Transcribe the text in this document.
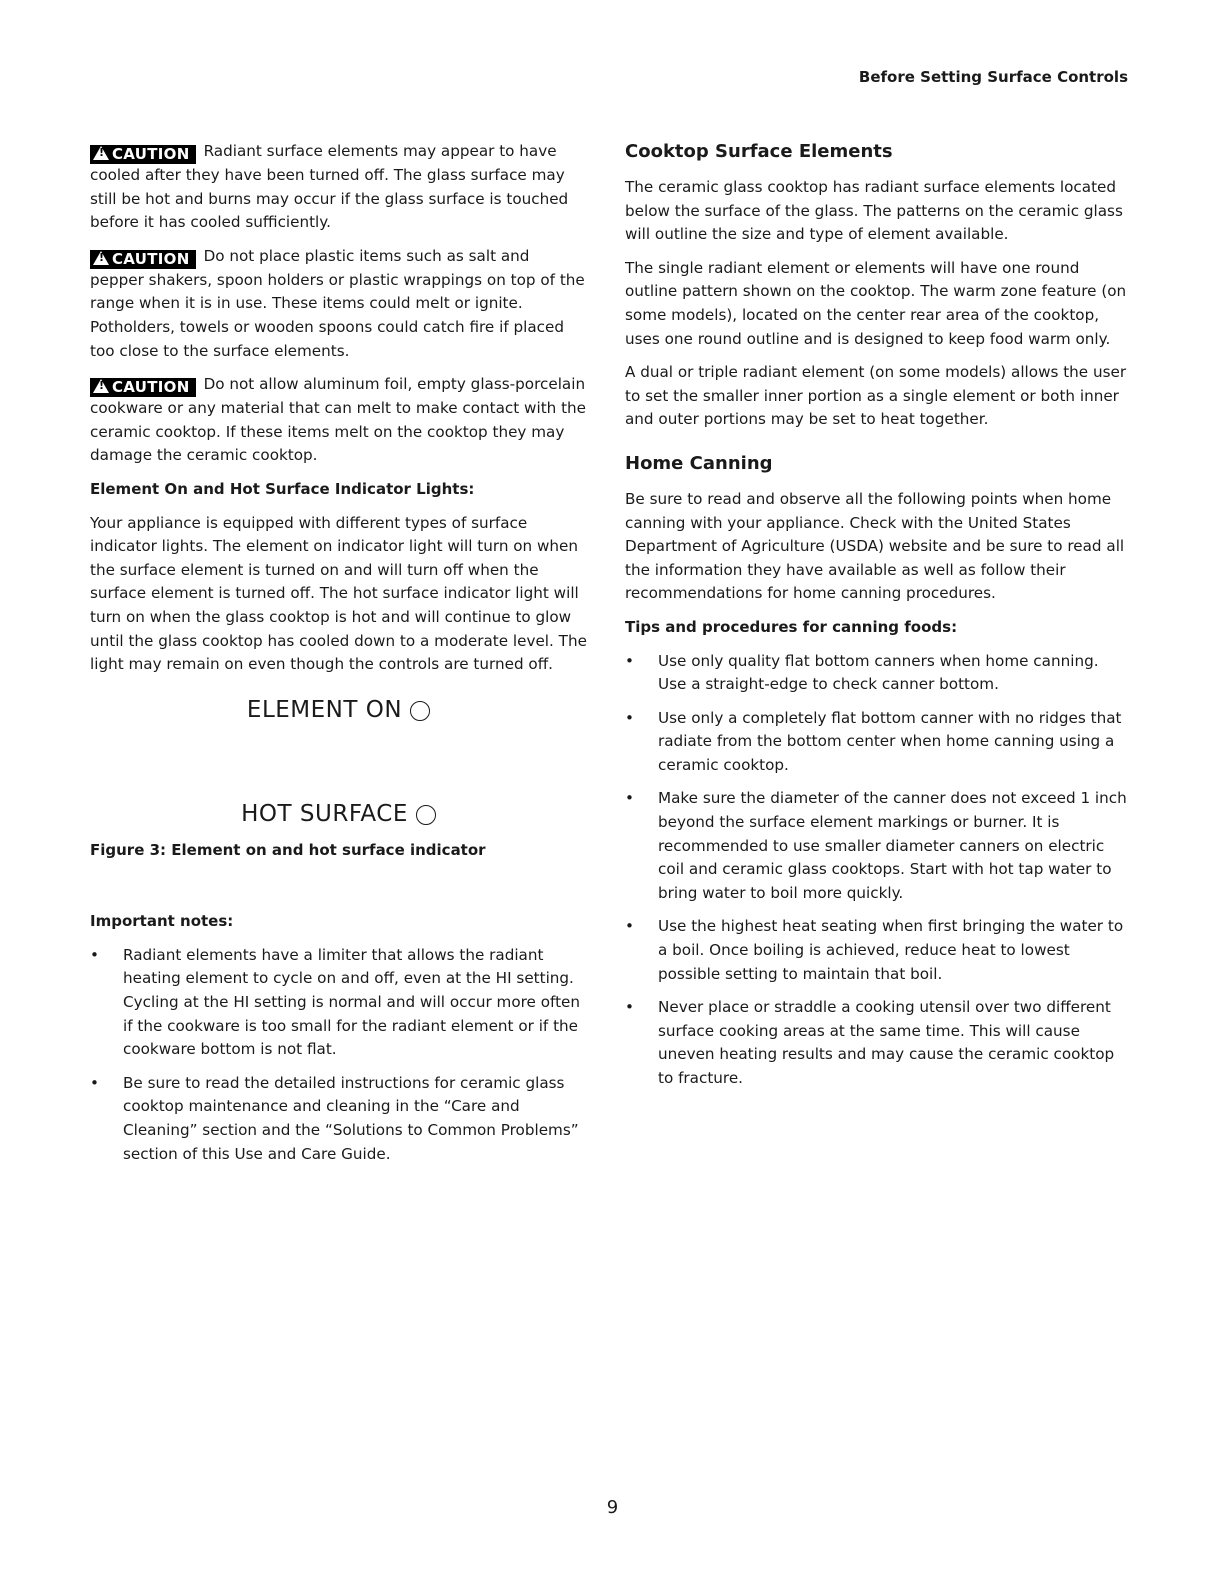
Before Setting Surface Controls

!CAUTION Radiant surface elements may appear to have cooled after they have been turned off. The glass surface may still be hot and burns may occur if the glass surface is touched before it has cooled sufficiently.

!CAUTION Do not place plastic items such as salt and pepper shakers, spoon holders or plastic wrappings on top of the range when it is in use. These items could melt or ignite. Potholders, towels or wooden spoons could catch fire if placed too close to the surface elements.

!CAUTION Do not allow aluminum foil, empty glass-porcelain cookware or any material that can melt to make contact with the ceramic cooktop. If these items melt on the cooktop they may damage the ceramic cooktop.

Element On and Hot Surface Indicator Lights:

Your appliance is equipped with different types of surface indicator lights. The element on indicator light will turn on when the surface element is turned on and will turn off when the surface element is turned off. The hot surface indicator light will turn on when the glass cooktop is hot and will continue to glow until the glass cooktop has cooled down to a moderate level. The light may remain on even though the controls are turned off.

ELEMENT ON
HOT SURFACE
Figure 3: Element on and hot surface indicator
Important notes:
• Radiant elements have a limiter that allows the radiant heating element to cycle on and off, even at the HI setting. Cycling at the HI setting is normal and will occur more often if the cookware is too small for the radiant element or if the cookware bottom is not flat.
• Be sure to read the detailed instructions for ceramic glass cooktop maintenance and cleaning in the “Care and Cleaning” section and the “Solutions to Common Problems” section of this Use and Care Guide.
Cooktop Surface Elements

The ceramic glass cooktop has radiant surface elements located below the surface of the glass. The patterns on the ceramic glass will outline the size and type of element available.

The single radiant element or elements will have one round outline pattern shown on the cooktop. The warm zone feature (on some models), located on the center rear area of the cooktop, uses one round outline and is designed to keep food warm only.

A dual or triple radiant element (on some models) allows the user to set the smaller inner portion as a single element or both inner and outer portions may be set to heat together.

Home Canning

Be sure to read and observe all the following points when home canning with your appliance. Check with the United States Department of Agriculture (USDA) website and be sure to read all the information they have available as well as follow their recommendations for home canning procedures.

Tips and procedures for canning foods:
• Use only quality flat bottom canners when home canning. Use a straight-edge to check canner bottom.
• Use only a completely flat bottom canner with no ridges that radiate from the bottom center when home canning using a ceramic cooktop.
• Make sure the diameter of the canner does not exceed 1 inch beyond the surface element markings or burner. It is recommended to use smaller diameter canners on electric coil and ceramic glass cooktops. Start with hot tap water to bring water to boil more quickly.
• Use the highest heat seating when first bringing the water to a boil. Once boiling is achieved, reduce heat to lowest possible setting to maintain that boil.
• Never place or straddle a cooking utensil over two different surface cooking areas at the same time. This will cause uneven heating results and may cause the ceramic cooktop to fracture.

9
